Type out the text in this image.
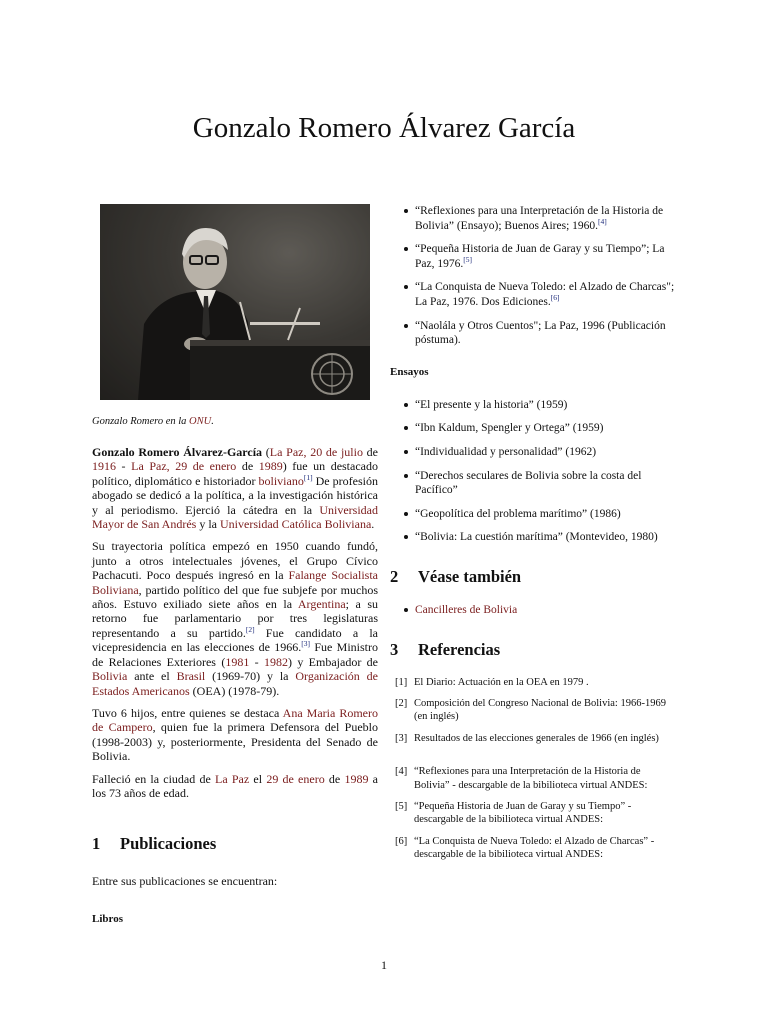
Gonzalo Romero Álvarez García

Gonzalo Romero en la ONU.

Gonzalo Romero Álvarez-García (La Paz, 20 de julio de 1916 - La Paz, 29 de enero de 1989) fue un destacado político, diplomático e historiador boliviano[1] De profesión abogado se dedicó a la política, a la investigación histórica y al periodismo. Ejerció la cátedra en la Universidad Mayor de San Andrés y la Universidad Católica Boliviana.

Su trayectoria política empezó en 1950 cuando fundó, junto a otros intelectuales jóvenes, el Grupo Cívico Pachacuti. Poco después ingresó en la Falange Socialista Boliviana, partido político del que fue subjefe por muchos años. Estuvo exiliado siete años en la Argentina; a su retorno fue parlamentario por tres legislaturas representando a su partido.[2] Fue candidato a la vicepresidencia en las elecciones de 1966.[3] Fue Ministro de Relaciones Exteriores (1981 - 1982) y Embajador de Bolivia ante el Brasil (1969-70) y la Organización de Estados Americanos (OEA) (1978-79).

Tuvo 6 hijos, entre quienes se destaca Ana Maria Romero de Campero, quien fue la primera Defensora del Pueblo (1998-2003) y, posteriormente, Presidenta del Senado de Bolivia.

Falleció en la ciudad de La Paz el 29 de enero de 1989 a los 73 años de edad.

1 Publicaciones

Entre sus publicaciones se encuentran:

Libros

“Reflexiones para una Interpretación de la Historia de Bolivia” (Ensayo); Buenos Aires; 1960.[4]
“Pequeña Historia de Juan de Garay y su Tiempo”; La Paz, 1976.[5]
“La Conquista de Nueva Toledo: el Alzado de Charcas"; La Paz, 1976. Dos Ediciones.[6]
“Naolála y Otros Cuentos"; La Paz, 1996 (Publicación póstuma).

Ensayos

“El presente y la historia” (1959)
“Ibn Kaldum, Spengler y Ortega” (1959)
“Individualidad y personalidad” (1962)
“Derechos seculares de Bolivia sobre la costa del Pacífico”
“Geopolítica del problema marítimo” (1986)
“Bolivia: La cuestión marítima” (Montevideo, 1980)
2 Véase también
Cancilleres de Bolivia
3 Referencias
[1] El Diario: Actuación en la OEA en 1979 .
[2] Composición del Congreso Nacional de Bolivia: 1966-1969 (en inglés)
[3] Resultados de las elecciones generales de 1966 (en inglés)
[4] “Reflexiones para una Interpretación de la Historia de Bolivia” - descargable de la bibilioteca virtual ANDES:
[5] “Pequeña Historia de Juan de Garay y su Tiempo” - descargable de la bibilioteca virtual ANDES:
[6] “La Conquista de Nueva Toledo: el Alzado de Charcas” - descargable de la bibilioteca virtual ANDES:
1
